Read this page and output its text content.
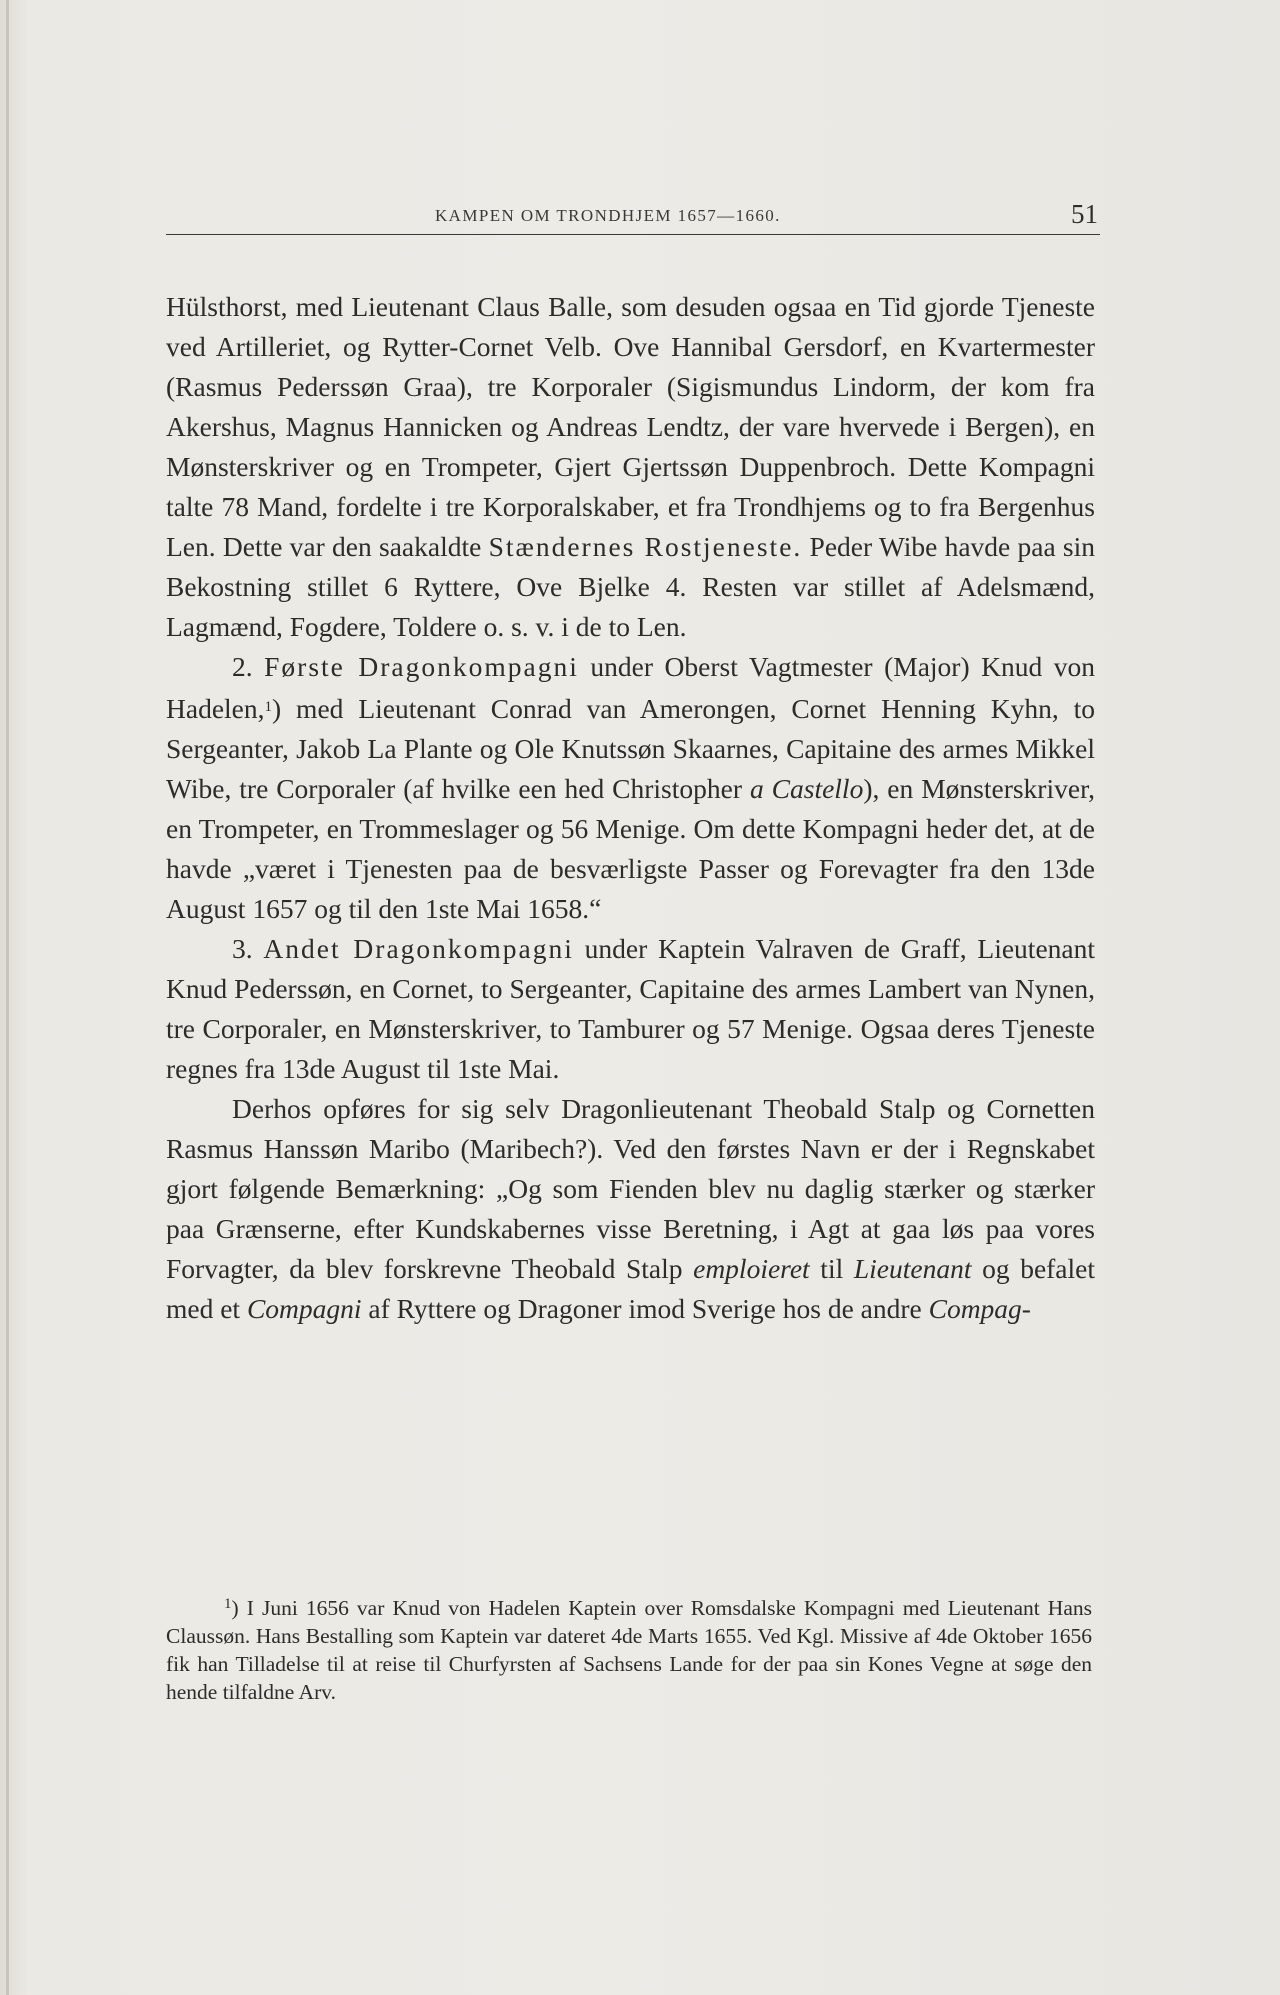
KAMPEN OM TRONDHJEM 1657—1660.	51

Hülsthorst, med Lieutenant Claus Balle, som desuden ogsaa en Tid gjorde Tjeneste ved Artilleriet, og Rytter-Cornet Velb. Ove Hannibal Gersdorf, en Kvartermester (Rasmus Pederssøn Graa), tre Korporaler (Sigismundus Lindorm, der kom fra Akershus, Magnus Hannicken og Andreas Lendtz, der vare hvervede i Bergen), en Mønsterskriver og en Trompeter, Gjert Gjertssøn Duppenbroch. Dette Kompagni talte 78 Mand, fordelte i tre Korporalskaber, et fra Trondhjems og to fra Bergenhus Len. Dette var den saakaldte Stændernes Rostjeneste. Peder Wibe havde paa sin Bekostning stillet 6 Ryttere, Ove Bjelke 4. Resten var stillet af Adelsmænd, Lagmænd, Fogdere, Toldere o. s. v. i de to Len.

2. Første Dragonkompagni under Oberst Vagtmester (Major) Knud von Hadelen,$^1$) med Lieutenant Conrad van Amerongen, Cornet Henning Kyhn, to Sergeanter, Jakob La Plante og Ole Knutssøn Skaarnes, Capitaine des armes Mikkel Wibe, tre Corporaler (af hvilke een hed Christopher a Castello), en Mønsterskriver, en Trompeter, en Trommeslager og 56 Menige. Om dette Kompagni heder det, at de havde „været i Tjenesten paa de besværligste Passer og Forevagter fra den 13de August 1657 og til den 1ste Mai 1658.“

3. Andet Dragonkompagni under Kaptein Valraven de Graff, Lieutenant Knud Pederssøn, en Cornet, to Sergeanter, Capitaine des armes Lambert van Nynen, tre Corporaler, en Mønsterskriver, to Tamburer og 57 Menige. Ogsaa deres Tjeneste regnes fra 13de August til 1ste Mai.

Derhos opføres for sig selv Dragonlieutenant Theobald Stalp og Cornetten Rasmus Hanssøn Maribo (Maribech?). Ved den førstes Navn er der i Regnskabet gjort følgende Bemærkning: „Og som Fienden blev nu daglig stærker og stærker paa Grænserne, efter Kundskabernes visse Beretning, i Agt at gaa løs paa vores Forvagter, da blev forskrevne Theobald Stalp emploieret til Lieutenant og befalet med et Compagni af Ryttere og Dragoner imod Sverige hos de andre Compag-

$^1$) I Juni 1656 var Knud von Hadelen Kaptein over Romsdalske Kompagni med Lieutenant Hans Claussøn. Hans Bestalling som Kaptein var dateret 4de Marts 1655. Ved Kgl. Missive af 4de Oktober 1656 fik han Tilladelse til at reise til Churfyrsten af Sachsens Lande for der paa sin Kones Vegne at søge den hende tilfaldne Arv.
